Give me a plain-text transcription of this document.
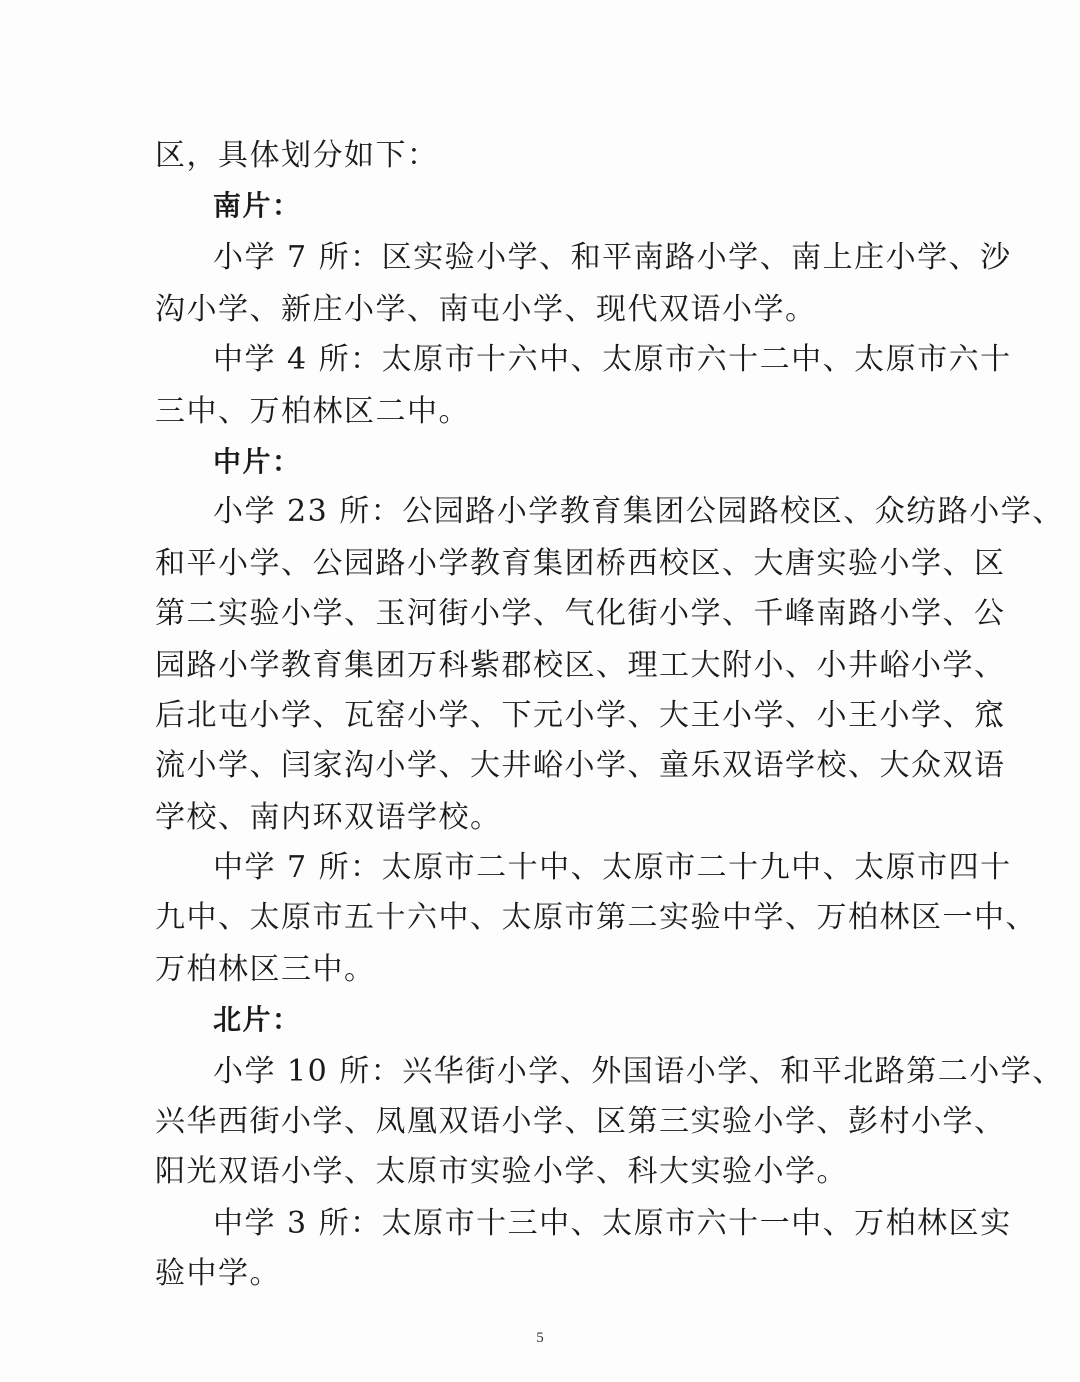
区，具体划分如下：
南片：
小学 7 所：区实验小学、和平南路小学、南上庄小学、沙
沟小学、新庄小学、南屯小学、现代双语小学。
中学 4 所：太原市十六中、太原市六十二中、太原市六十
三中、万柏林区二中。
中片：
小学 23 所：公园路小学教育集团公园路校区、众纺路小学、
和平小学、公园路小学教育集团桥西校区、大唐实验小学、区
第二实验小学、玉河街小学、气化街小学、千峰南路小学、公
园路小学教育集团万科紫郡校区、理工大附小、小井峪小学、
后北屯小学、瓦窑小学、下元小学、大王小学、小王小学、窊
流小学、闫家沟小学、大井峪小学、童乐双语学校、大众双语
学校、南内环双语学校。
中学 7 所：太原市二十中、太原市二十九中、太原市四十
九中、太原市五十六中、太原市第二实验中学、万柏林区一中、
万柏林区三中。
北片：
小学 10 所：兴华街小学、外国语小学、和平北路第二小学、
兴华西街小学、凤凰双语小学、区第三实验小学、彭村小学、
阳光双语小学、太原市实验小学、科大实验小学。
中学 3 所：太原市十三中、太原市六十一中、万柏林区实
验中学。
5
